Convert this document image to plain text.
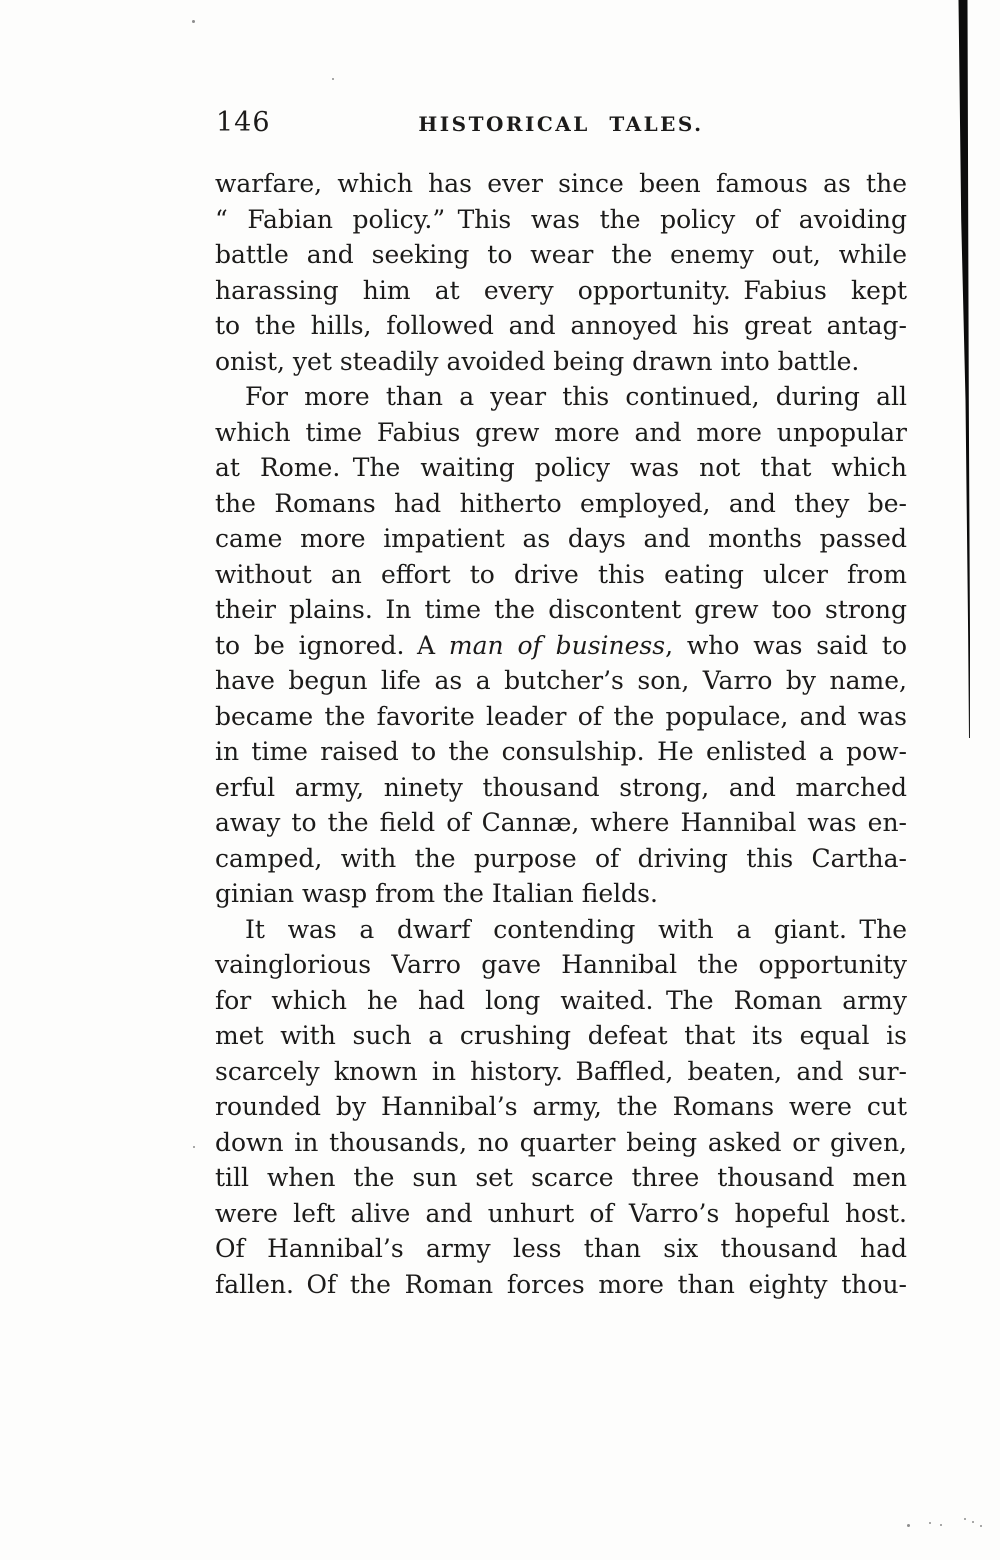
146	HISTORICAL TALES.
warfare, which has ever since been famous as the
“ Fabian policy.” This was the policy of avoiding
battle and seeking to wear the enemy out, while
harassing him at every opportunity. Fabius kept
to the hills, followed and annoyed his great antag-
onist, yet steadily avoided being drawn into battle.
For more than a year this continued, during all
which time Fabius grew more and more unpopular
at Rome. The waiting policy was not that which
the Romans had hitherto employed, and they be-
came more impatient as days and months passed
without an effort to drive this eating ulcer from
their plains. In time the discontent grew too strong
to be ignored. A man of business, who was said to
have begun life as a butcher’s son, Varro by name,
became the favorite leader of the populace, and was
in time raised to the consulship. He enlisted a pow-
erful army, ninety thousand strong, and marched
away to the field of Cannæ, where Hannibal was en-
camped, with the purpose of driving this Cartha-
ginian wasp from the Italian fields.
It was a dwarf contending with a giant. The
vainglorious Varro gave Hannibal the opportunity
for which he had long waited. The Roman army
met with such a crushing defeat that its equal is
scarcely known in history. Baffled, beaten, and sur-
rounded by Hannibal’s army, the Romans were cut
down in thousands, no quarter being asked or given,
till when the sun set scarce three thousand men
were left alive and unhurt of Varro’s hopeful host.
Of Hannibal’s army less than six thousand had
fallen. Of the Roman forces more than eighty thou-
